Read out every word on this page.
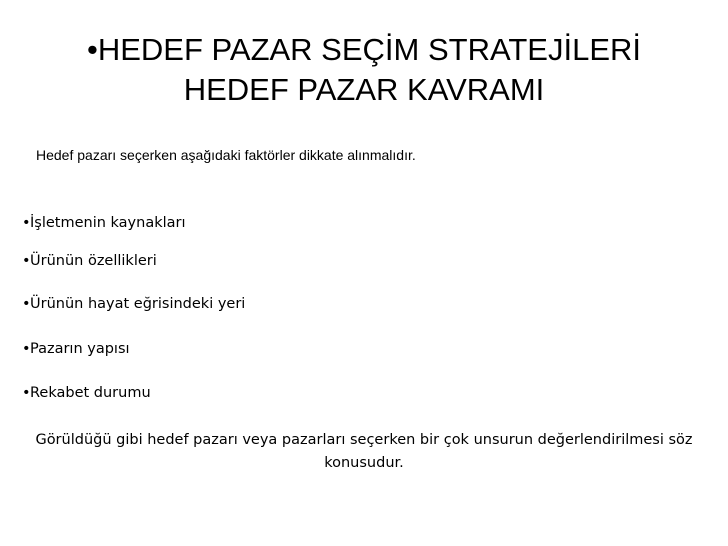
•HEDEF PAZAR SEÇİM STRATEJİLERİ
HEDEF PAZAR KAVRAMI
Hedef pazarı seçerken aşağıdaki faktörler dikkate alınmalıdır.
•İşletmenin kaynakları
•Ürünün özellikleri
•Ürünün hayat eğrisindeki yeri
•Pazarın yapısı
•Rekabet durumu
Görüldüğü gibi hedef pazarı veya pazarları seçerken bir çok unsurun değerlendirilmesi söz konusudur.
